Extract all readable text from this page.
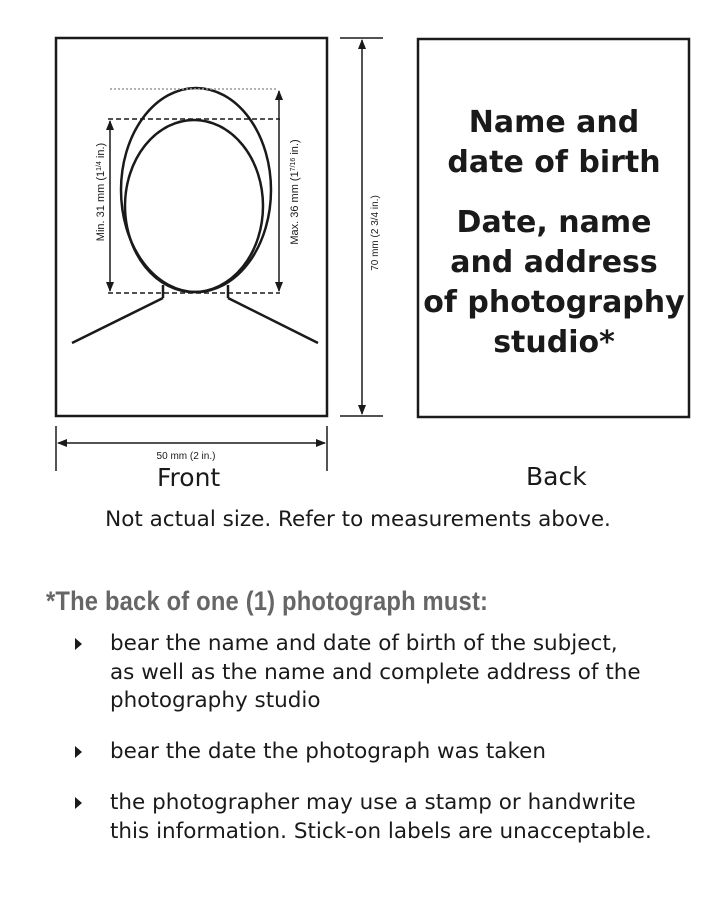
Min. 31 mm ($1^{1/4}$ in.)
Max. 36 mm ($1^{7/16}$ in.)
70 mm (2 3/4 in.)
50 mm (2 in.)
Name and
date of birth
Date, name
and address
of photography
studio*
Front	Back
Not actual size. Refer to measurements above.
*The back of one (1) photograph must:
bear the name and date of birth of the subject,
as well as the name and complete address of the
photography studio
bear the date the photograph was taken
the photographer may use a stamp or handwrite
this information. Stick-on labels are unacceptable.
